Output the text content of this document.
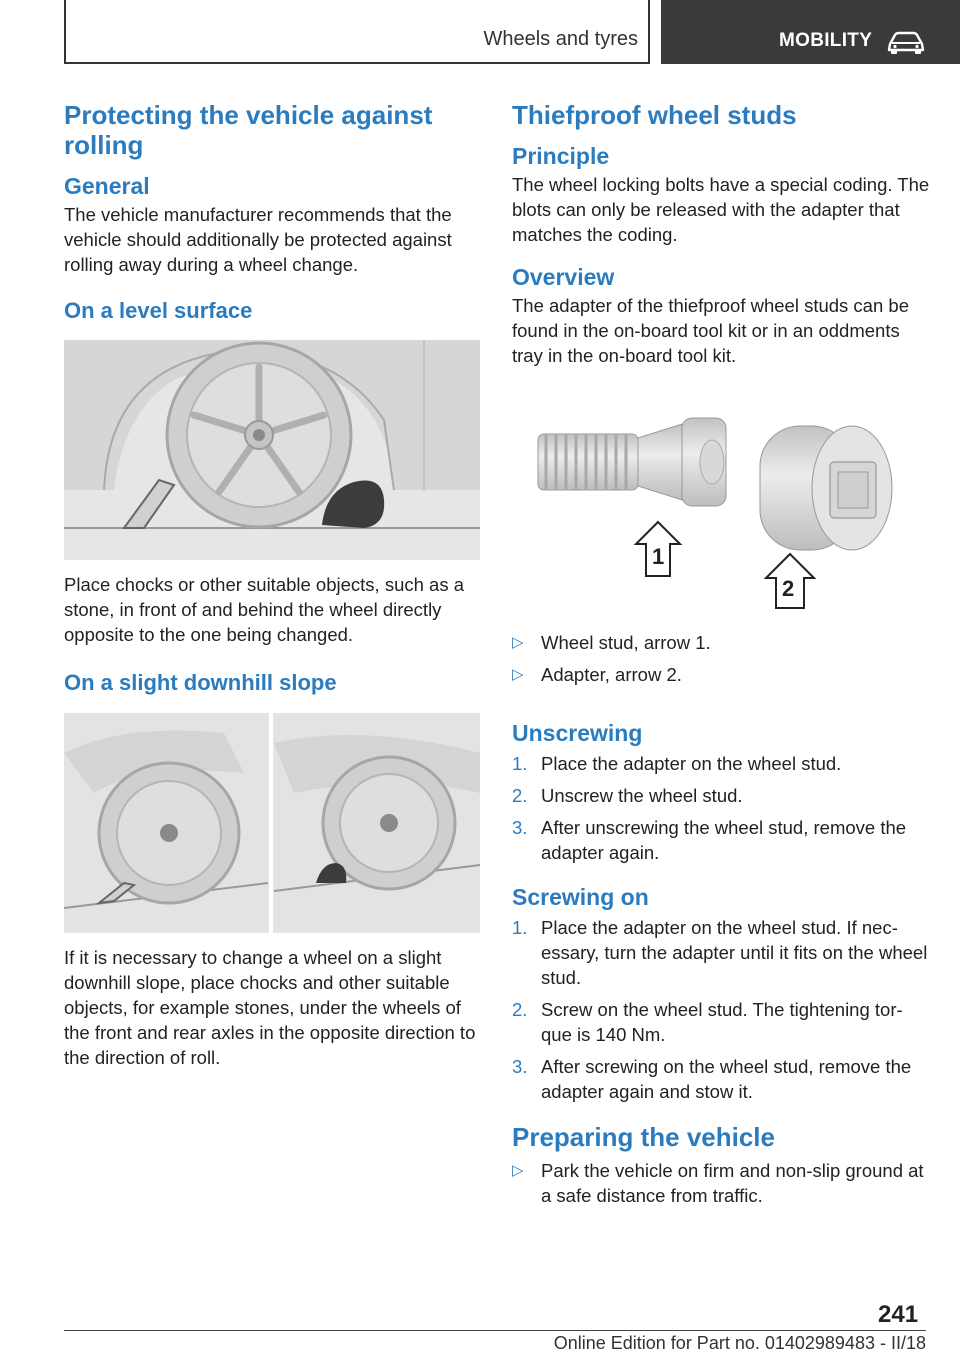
Wheels and tyres	MOBILITY
Protecting the vehicle against rolling
General

The vehicle manufacturer recommends that the vehicle should additionally be protected against rolling away during a wheel change.

On a level surface

Place chocks or other suitable objects, such as a stone, in front of and behind the wheel directly opposite to the one being changed.

On a slight downhill slope

If it is necessary to change a wheel on a slight downhill slope, place chocks and other suitable objects, for example stones, under the wheels of the front and rear axles in the opposite direction to the direction of roll.

Thiefproof wheel studs
Principle

The wheel locking bolts have a special coding. The blots can only be released with the adapter that matches the coding.

Overview

The adapter of the thiefproof wheel studs can be found in the on-board tool kit or in an oddments tray in the on-board tool kit.

1
2
▷ Wheel stud, arrow 1.
▷ Adapter, arrow 2.
Unscrewing
1. Place the adapter on the wheel stud.
2. Unscrew the wheel stud.
3. After unscrewing the wheel stud, remove the adapter again.
Screwing on
1. Place the adapter on the wheel stud. If nec-essary, turn the adapter until it fits on the wheel stud.
2. Screw on the wheel stud. The tightening tor-que is 140 Nm.
3. After screwing on the wheel stud, remove the adapter again and stow it.
Preparing the vehicle
▷ Park the vehicle on firm and non-slip ground at a safe distance from traffic.
241
Online Edition for Part no. 01402989483 - II/18
